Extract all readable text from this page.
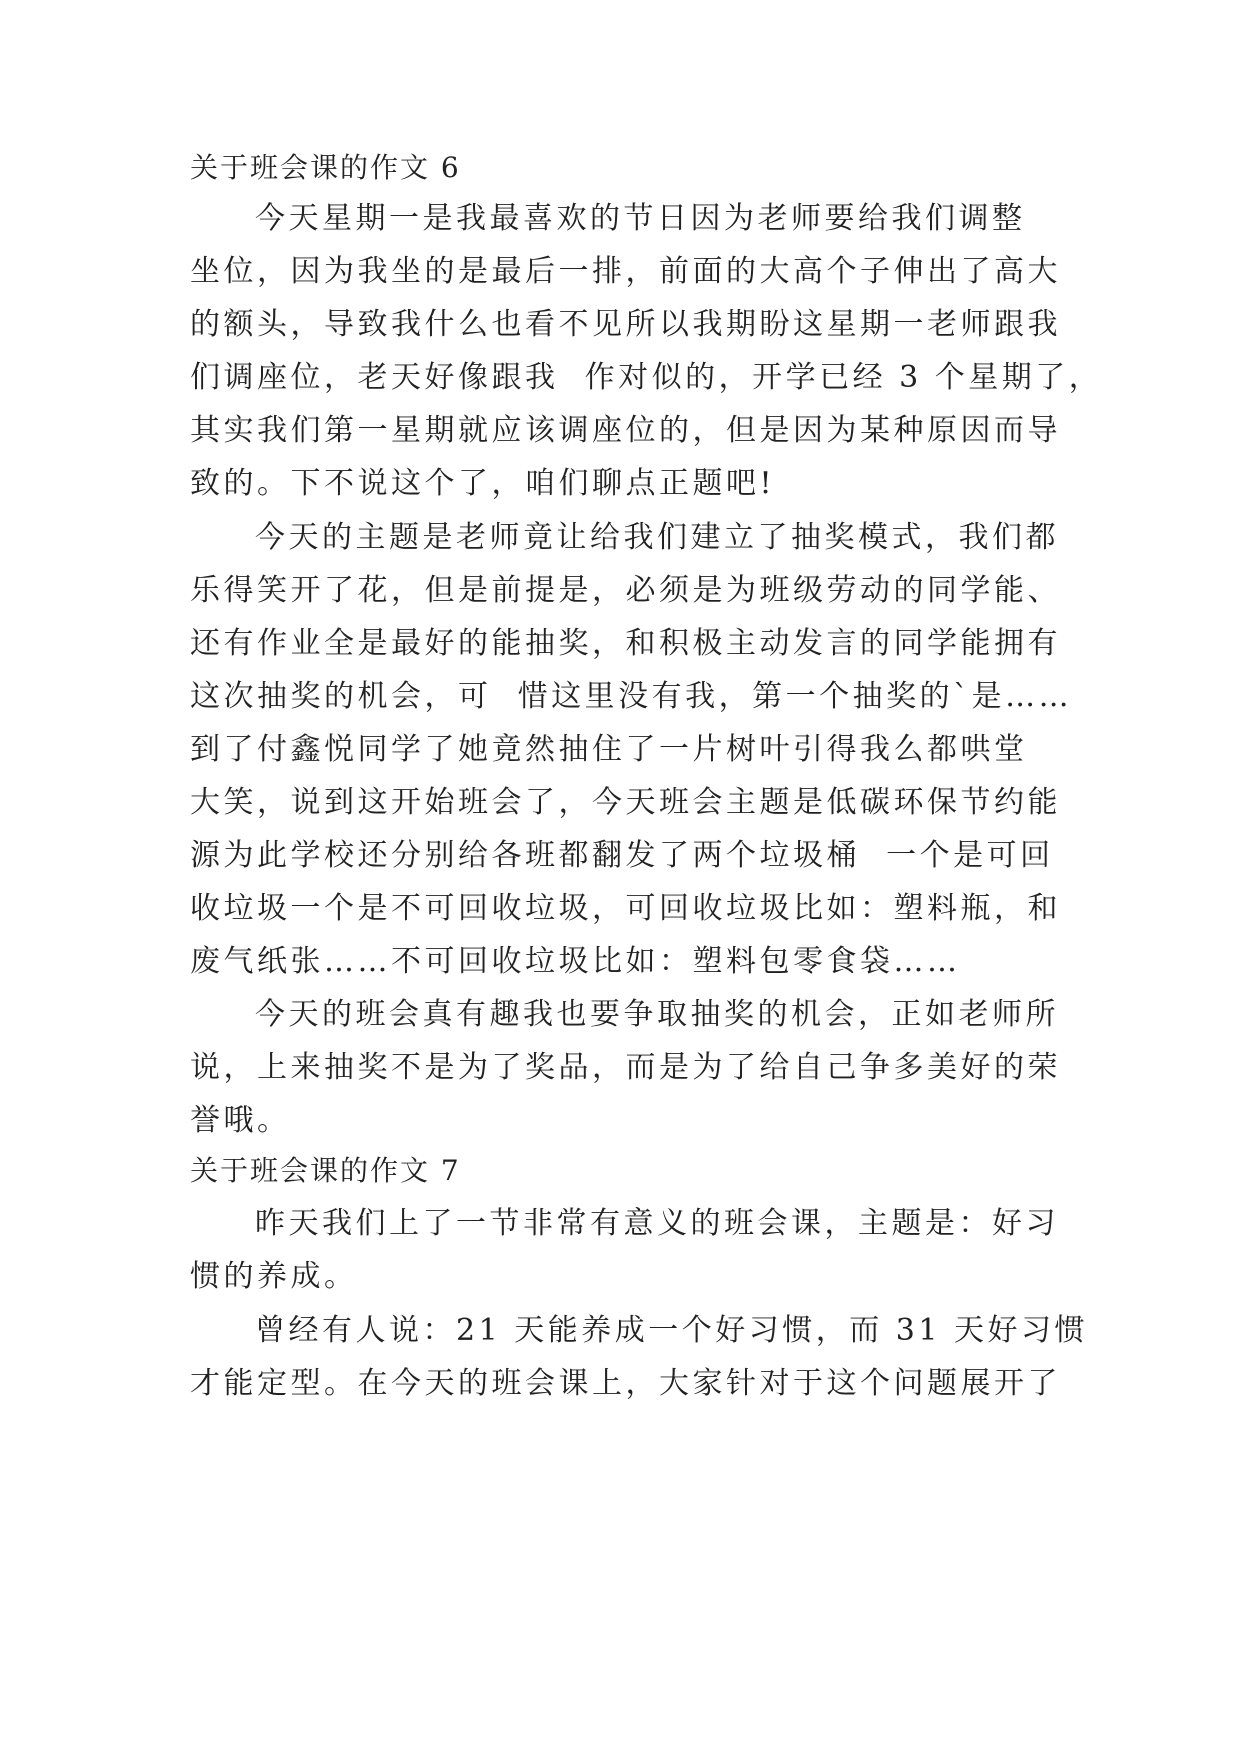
关于班会课的作文 6
今天星期一是我最喜欢的节日因为老师要给我们调整
坐位，因为我坐的是最后一排，前面的大高个子伸出了高大
的额头，导致我什么也看不见所以我期盼这星期一老师跟我
们调座位，老天好像跟我  作对似的，开学已经 3 个星期了，
其实我们第一星期就应该调座位的，但是因为某种原因而导
致的。下不说这个了，咱们聊点正题吧!
今天的主题是老师竟让给我们建立了抽奖模式，我们都
乐得笑开了花，但是前提是，必须是为班级劳动的同学能、
还有作业全是最好的能抽奖，和积极主动发言的同学能拥有
这次抽奖的机会，可  惜这里没有我，第一个抽奖的`是……
到了付鑫悦同学了她竟然抽住了一片树叶引得我么都哄堂
大笑，说到这开始班会了，今天班会主题是低碳环保节约能
源为此学校还分别给各班都翻发了两个垃圾桶  一个是可回
收垃圾一个是不可回收垃圾，可回收垃圾比如：塑料瓶，和
废气纸张……不可回收垃圾比如：塑料包零食袋……
今天的班会真有趣我也要争取抽奖的机会，正如老师所
说，上来抽奖不是为了奖品，而是为了给自己争多美好的荣
誉哦。
关于班会课的作文 7
昨天我们上了一节非常有意义的班会课，主题是：好习
惯的养成。
曾经有人说：21 天能养成一个好习惯，而 31 天好习惯
才能定型。在今天的班会课上，大家针对于这个问题展开了
